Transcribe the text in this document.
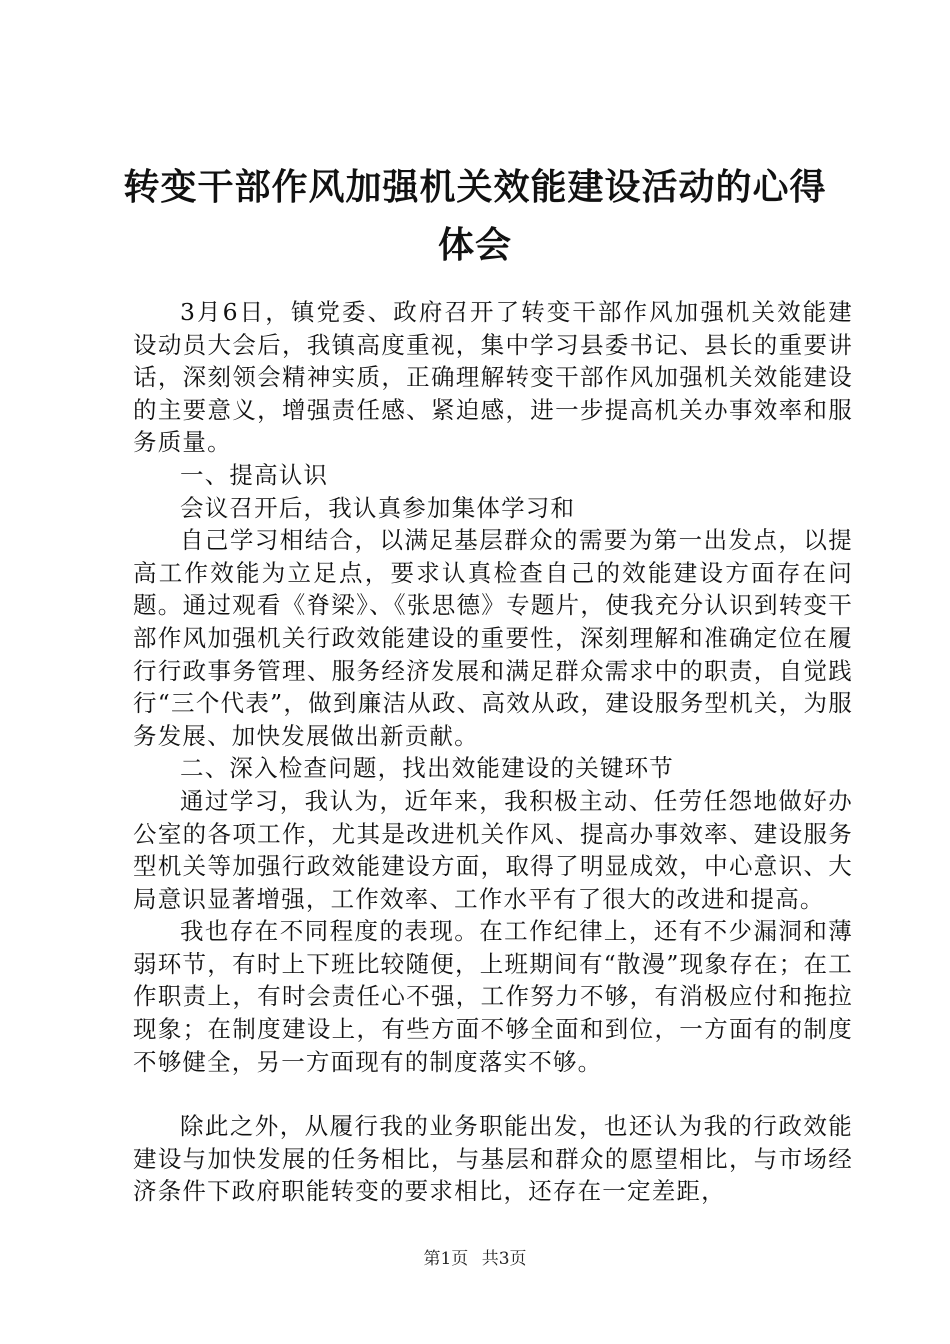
转变干部作风加强机关效能建设活动的心得体会

3月6日，镇党委、政府召开了转变干部作风加强机关效能建设动员大会后，我镇高度重视，集中学习县委书记、县长的重要讲话，深刻领会精神实质，正确理解转变干部作风加强机关效能建设的主要意义，增强责任感、紧迫感，进一步提高机关办事效率和服务质量。

一、提高认识

会议召开后，我认真参加集体学习和

自己学习相结合，以满足基层群众的需要为第一出发点，以提高工作效能为立足点，要求认真检查自己的效能建设方面存在问题。通过观看《脊梁》、《张思德》专题片，使我充分认识到转变干部作风加强机关行政效能建设的重要性，深刻理解和准确定位在履行行政事务管理、服务经济发展和满足群众需求中的职责，自觉践行“三个代表”，做到廉洁从政、高效从政，建设服务型机关，为服务发展、加快发展做出新贡献。

二、深入检查问题，找出效能建设的关键环节

通过学习，我认为，近年来，我积极主动、任劳任怨地做好办公室的各项工作，尤其是改进机关作风、提高办事效率、建设服务型机关等加强行政效能建设方面，取得了明显成效，中心意识、大局意识显著增强，工作效率、工作水平有了很大的改进和提高。

我也存在不同程度的表现。在工作纪律上，还有不少漏洞和薄弱环节，有时上下班比较随便，上班期间有“散漫”现象存在；在工作职责上，有时会责任心不强，工作努力不够，有消极应付和拖拉现象；在制度建设上，有些方面不够全面和到位，一方面有的制度不够健全，另一方面现有的制度落实不够。

除此之外，从履行我的业务职能出发，也还认为我的行政效能建设与加快发展的任务相比，与基层和群众的愿望相比，与市场经济条件下政府职能转变的要求相比，还存在一定差距，

第1页 共3页
